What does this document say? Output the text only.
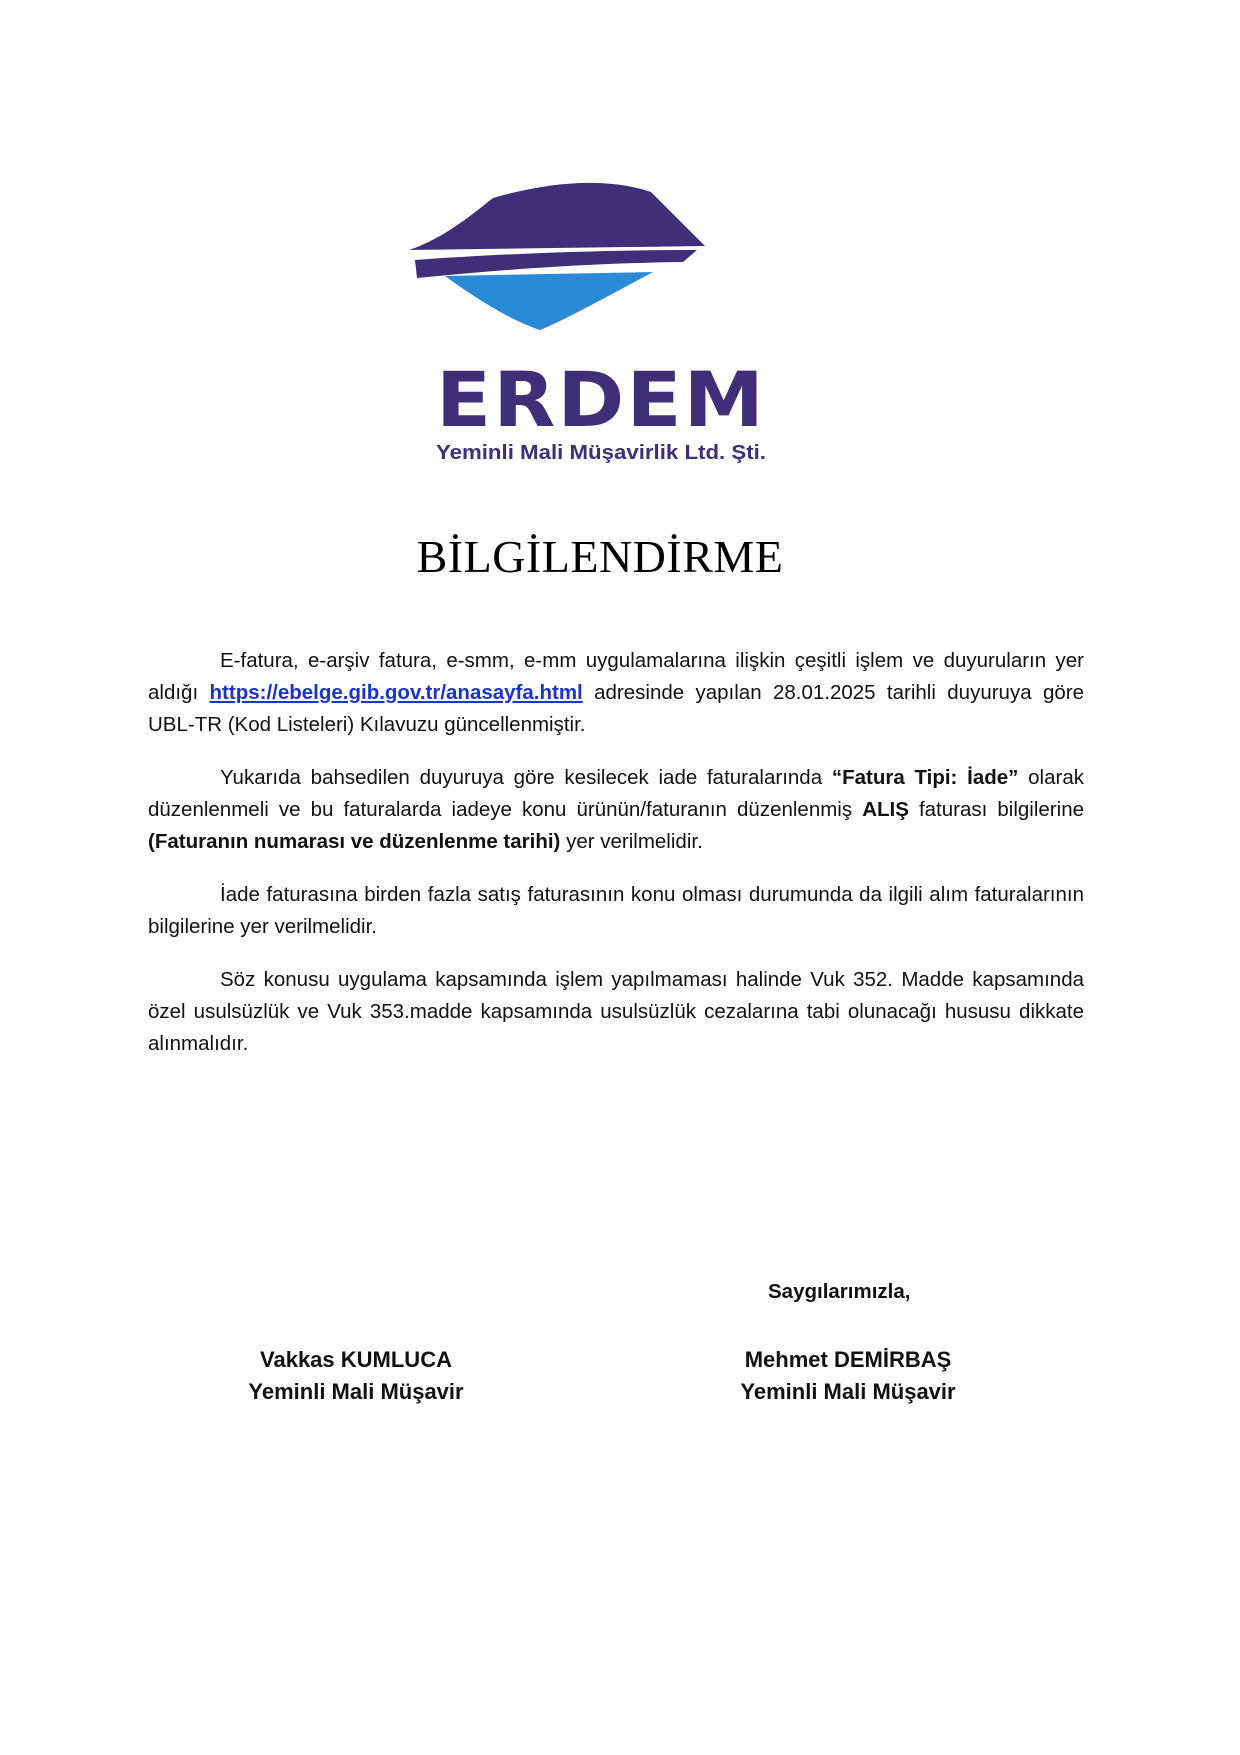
ERDEM
Yeminli Mali Müşavirlik Ltd. Şti.
BİLGİLENDİRME

E-fatura, e-arşiv fatura, e-smm, e-mm uygulamalarına ilişkin çeşitli işlem ve duyuruların yer aldığı https://ebelge.gib.gov.tr/anasayfa.html adresinde yapılan 28.01.2025 tarihli duyuruya göre UBL-TR (Kod Listeleri) Kılavuzu güncellenmiştir.

Yukarıda bahsedilen duyuruya göre kesilecek iade faturalarında “Fatura Tipi: İade” olarak düzenlenmeli ve bu faturalarda iadeye konu ürünün/faturanın düzenlenmiş ALIŞ faturası bilgilerine (Faturanın numarası ve düzenlenme tarihi) yer verilmelidir.

İade faturasına birden fazla satış faturasının konu olması durumunda da ilgili alım faturalarının bilgilerine yer verilmelidir.

Söz konusu uygulama kapsamında işlem yapılmaması halinde Vuk 352. Madde kapsamında özel usulsüzlük ve Vuk 353.madde kapsamında usulsüzlük cezalarına tabi olunacağı hususu dikkate alınmalıdır.

Saygılarımızla,
Vakkas KUMLUCA
Yeminli Mali Müşavir
Mehmet DEMİRBAŞ
Yeminli Mali Müşavir
